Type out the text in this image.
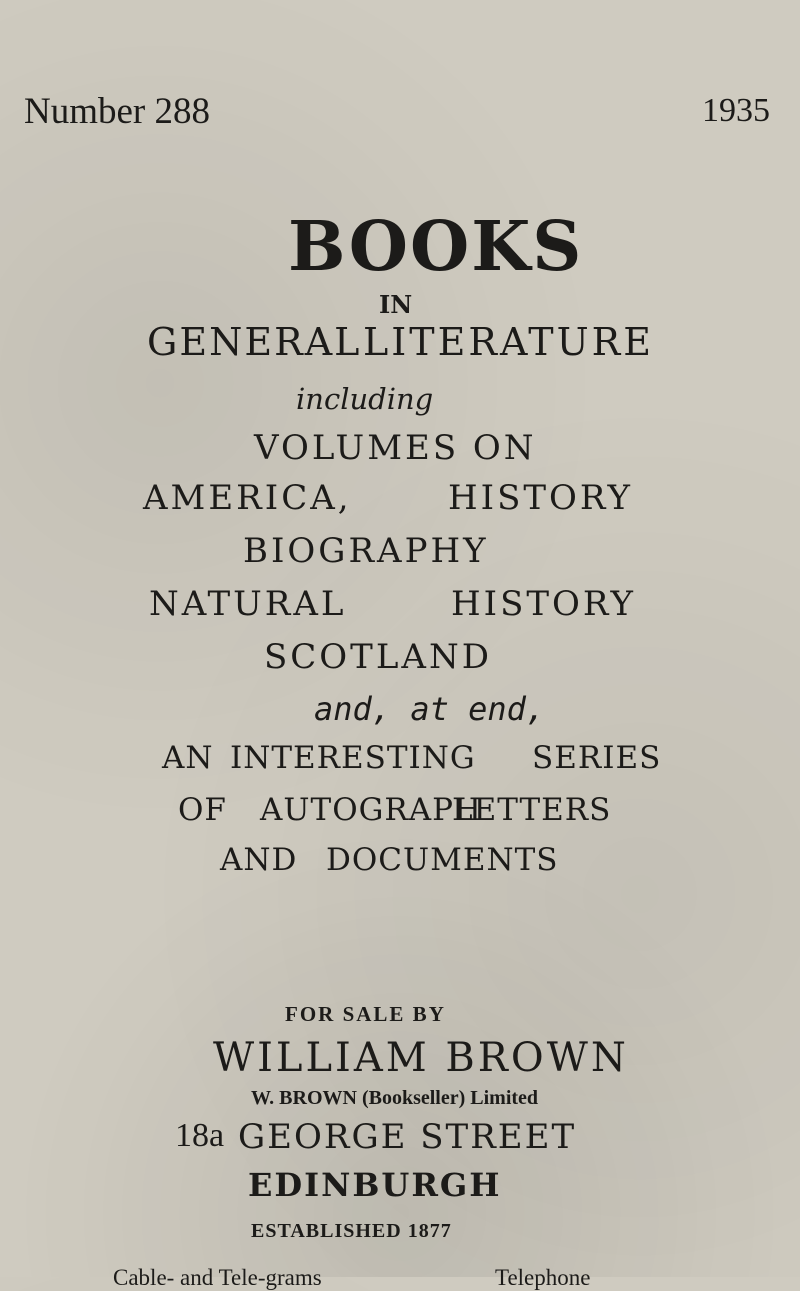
Number 288	1935
BOOKS
IN
GENERAL LITERATURE
including
VOLUMES ON
AMERICA,	HISTORY
BIOGRAPHY
NATURAL	HISTORY
SCOTLAND
and, at end,
AN INTERESTING SERIES
OF AUTOGRAPH
LETTERS
AND DOCUMENTS
FOR SALE BY
WILLIAM BROWN
W. BROWN (Bookseller) Limited
18a GEORGE STREET
EDINBURGH
ESTABLISHED 1877
Cable- and Tele-grams	Telephone
